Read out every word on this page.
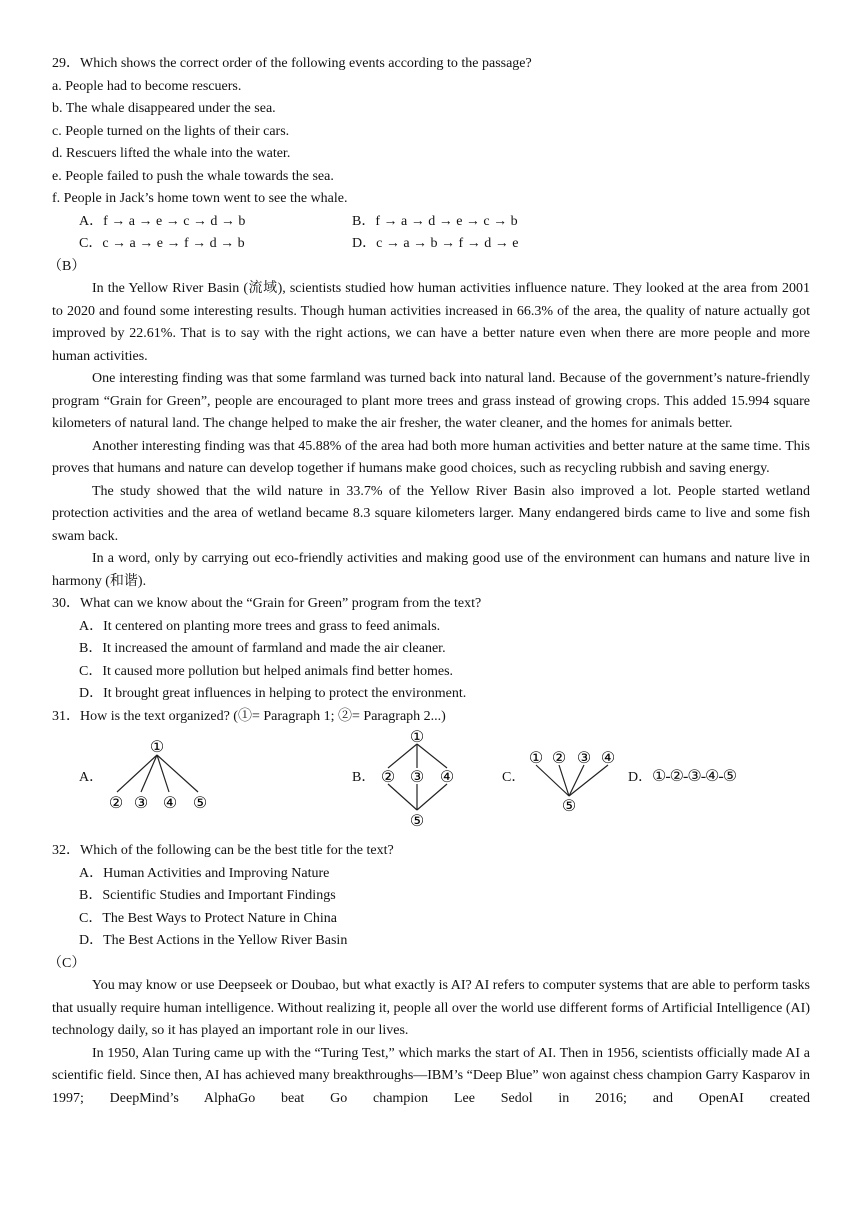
29．Which shows the correct order of the following events according to the passage?
a. People had to become rescuers.
b. The whale disappeared under the sea.
c. People turned on the lights of their cars.
d. Rescuers lifted the whale into the water.
e. People failed to push the whale towards the sea.
f. People in Jack’s home town went to see the whale.
A．f → a → e → c → d → b	B．f → a → d → e → c → b
C．c → a → e → f → d → b	D．c → a → b → f → d → e
（B）

In the Yellow River Basin (流域), scientists studied how human activities influence nature. They looked at the area from 2001 to 2020 and found some interesting results. Though human activities increased in 66.3% of the area, the quality of nature actually got improved by 22.61%. That is to say with the right actions, we can have a better nature even when there are more people and more human activities.

One interesting finding was that some farmland was turned back into natural land. Because of the government’s nature-friendly program “Grain for Green”, people are encouraged to plant more trees and grass instead of growing crops. This added 15.994 square kilometers of natural land. The change helped to make the air fresher, the water cleaner, and the homes for animals better.

Another interesting finding was that 45.88% of the area had both more human activities and better nature at the same time. This proves that humans and nature can develop together if humans make good choices, such as recycling rubbish and saving energy.

The study showed that the wild nature in 33.7% of the Yellow River Basin also improved a lot. People started wetland protection activities and the area of wetland became 8.3 square kilometers larger. Many endangered birds came to live and some fish swam back.

In a word, only by carrying out eco-friendly activities and making good use of the environment can humans and nature live in harmony (和谐).

30．What can we know about the “Grain for Green” program from the text?
A．It centered on planting more trees and grass to feed animals.
B．It increased the amount of farmland and made the air cleaner.
C．It caused more pollution but helped animals find better homes.
D．It brought great influences in helping to protect the environment.
31．How is the text organized? (①= Paragraph 1; ②= Paragraph 2...)
A．
①
② ③ ④ ⑤
B．
①
② ③ ④
⑤
C．
① ② ③ ④
⑤
D． ①-②-③-④-⑤
32．Which of the following can be the best title for the text?
A．Human Activities and Improving Nature
B．Scientific Studies and Important Findings
C．The Best Ways to Protect Nature in China
D．The Best Actions in the Yellow River Basin
（C）

You may know or use Deepseek or Doubao, but what exactly is AI? AI refers to computer systems that are able to perform tasks that usually require human intelligence. Without realizing it, people all over the world use different forms of Artificial Intelligence (AI) technology daily, so it has played an important role in our lives.

In 1950, Alan Turing came up with the “Turing Test,” which marks the start of AI. Then in 1956, scientists officially made AI a scientific field. Since then, AI has achieved many breakthroughs—IBM’s “Deep Blue” won against chess champion Garry Kasparov in 1997; DeepMind’s AlphaGo beat Go champion Lee Sedol in 2016; and OpenAI created
